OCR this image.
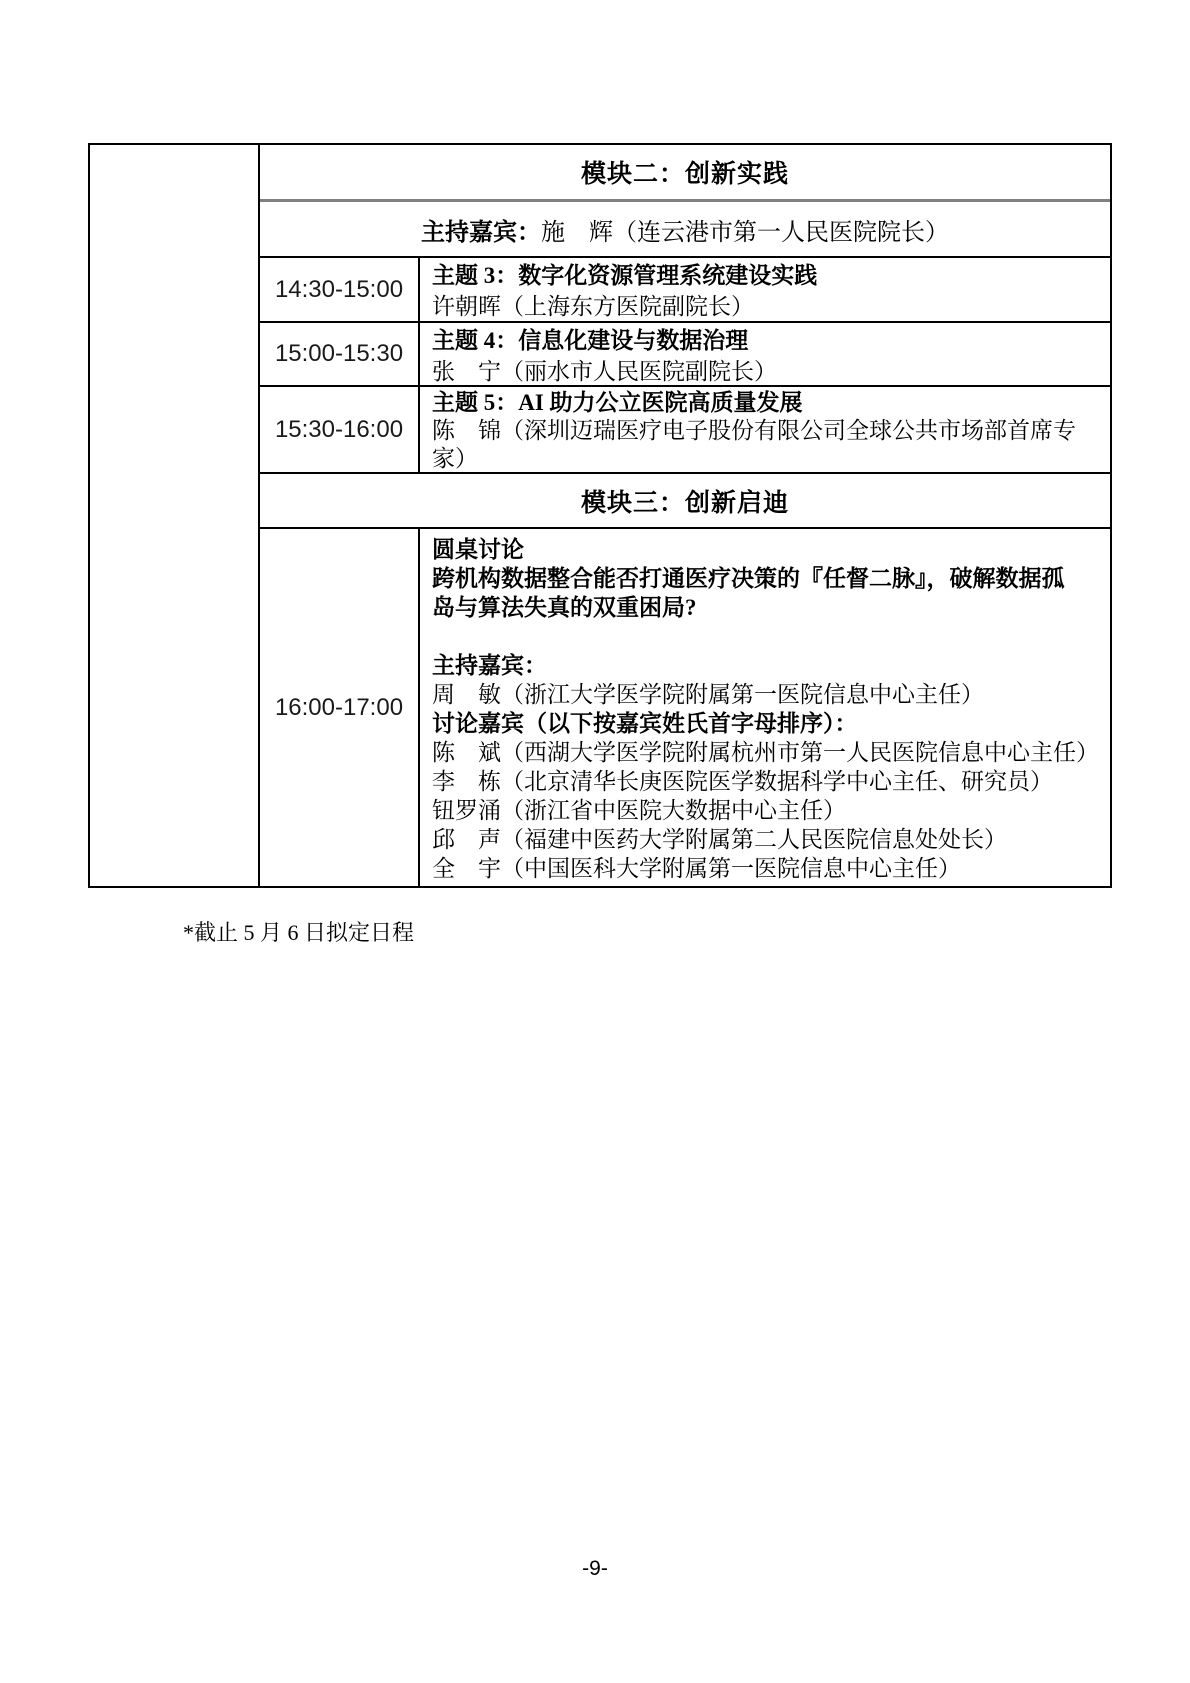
模块二：创新实践
主持嘉宾：施　辉（连云港市第一人民医院院长）
14:30-15:00 主题 3：数字化资源管理系统建设实践
许朝晖（上海东方医院副院长）
15:00-15:30 主题 4：信息化建设与数据治理
张　宁（丽水市人民医院副院长）
15:30-16:00
主题 5：AI 助力公立医院高质量发展
陈　锦（深圳迈瑞医疗电子股份有限公司全球公共市场部首席专
家）
模块三：创新启迪
16:00-17:00
圆桌讨论
跨机构数据整合能否打通医疗决策的『任督二脉』，破解数据孤
岛与算法失真的双重困局?
主持嘉宾：
周　敏（浙江大学医学院附属第一医院信息中心主任）
讨论嘉宾（以下按嘉宾姓氏首字母排序）：
陈　斌（西湖大学医学院附属杭州市第一人民医院信息中心主任）
李　栋（北京清华长庚医院医学数据科学中心主任、研究员）
钮罗涌（浙江省中医院大数据中心主任）
邱　声（福建中医药大学附属第二人民医院信息处处长）
全　宇（中国医科大学附属第一医院信息中心主任）
*截止 5 月 6 日拟定日程
-9-
